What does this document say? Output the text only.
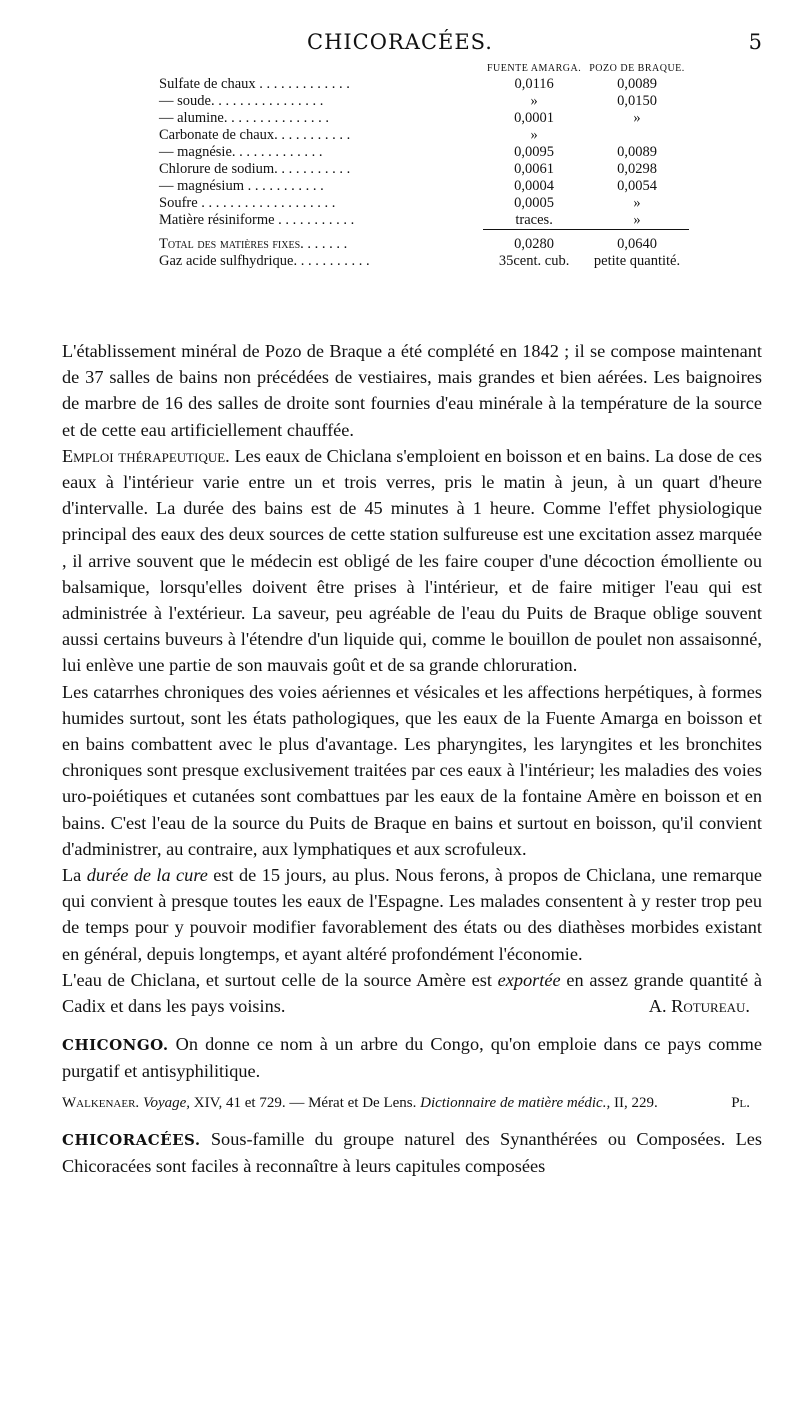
CHICORACÉES.	5
	FUENTE AMARGA.	POZO DE BRAQUE.
Sulfate de chaux . . . . . . . . . . . . .	0,0116	0,0089
— soude. . . . . . . . . . . . . . . .	»	0,0150
— alumine. . . . . . . . . . . . . . .	0,0001	»
Carbonate de chaux. . . . . . . . . . .	»	
— magnésie. . . . . . . . . . . . .	0,0095	0,0089
Chlorure de sodium. . . . . . . . . . .	0,0061	0,0298
— magnésium . . . . . . . . . . .	0,0004	0,0054
Soufre . . . . . . . . . . . . . . . . . . .	0,0005	»
Matière résiniforme . . . . . . . . . . .	traces.	»
Total des matières fixes. . . . . . .	0,0280	0,0640
Gaz acide sulfhydrique. . . . . . . . . . .	35cent. cub.	petite quantité.

L'établissement minéral de Pozo de Braque a été complété en 1842 ; il se compose maintenant de 37 salles de bains non précédées de vestiaires, mais grandes et bien aérées. Les baignoires de marbre de 16 des salles de droite sont fournies d'eau minérale à la température de la source et de cette eau artificiellement chauffée.

Emploi thérapeutique. Les eaux de Chiclana s'emploient en boisson et en bains. La dose de ces eaux à l'intérieur varie entre un et trois verres, pris le matin à jeun, à un quart d'heure d'intervalle. La durée des bains est de 45 minutes à 1 heure. Comme l'effet physiologique principal des eaux des deux sources de cette station sulfureuse est une excitation assez marquée , il arrive souvent que le médecin est obligé de les faire couper d'une décoction émolliente ou balsamique, lorsqu'elles doivent être prises à l'intérieur, et de faire mitiger l'eau qui est administrée à l'extérieur. La saveur, peu agréable de l'eau du Puits de Braque oblige souvent aussi certains buveurs à l'étendre d'un liquide qui, comme le bouillon de poulet non assaisonné, lui enlève une partie de son mauvais goût et de sa grande chloruration.

Les catarrhes chroniques des voies aériennes et vésicales et les affections herpétiques, à formes humides surtout, sont les états pathologiques, que les eaux de la Fuente Amarga en boisson et en bains combattent avec le plus d'avantage. Les pharyngites, les laryngites et les bronchites chroniques sont presque exclusivement traitées par ces eaux à l'intérieur; les maladies des voies uro-poiétiques et cutanées sont combattues par les eaux de la fontaine Amère en boisson et en bains. C'est l'eau de la source du Puits de Braque en bains et surtout en boisson, qu'il convient d'administrer, au contraire, aux lymphatiques et aux scrofuleux.

La durée de la cure est de 15 jours, au plus. Nous ferons, à propos de Chiclana, une remarque qui convient à presque toutes les eaux de l'Espagne. Les malades consentent à y rester trop peu de temps pour y pouvoir modifier favorablement des états ou des diathèses morbides existant en général, depuis longtemps, et ayant altéré profondément l'économie.

L'eau de Chiclana, et surtout celle de la source Amère est exportée en assez grande quantité à Cadix et dans les pays voisins.	A. Rotureau.

CHICONGO. On donne ce nom à un arbre du Congo, qu'on emploie dans ce pays comme purgatif et antisyphilitique.

Walkenaer. Voyage, XIV, 41 et 729. — Mérat et De Lens. Dictionnaire de matière médic., II, 229.	Pl.

CHICORACÉES. Sous-famille du groupe naturel des Synanthérées ou Composées. Les Chicoracées sont faciles à reconnaître à leurs capitules composées
